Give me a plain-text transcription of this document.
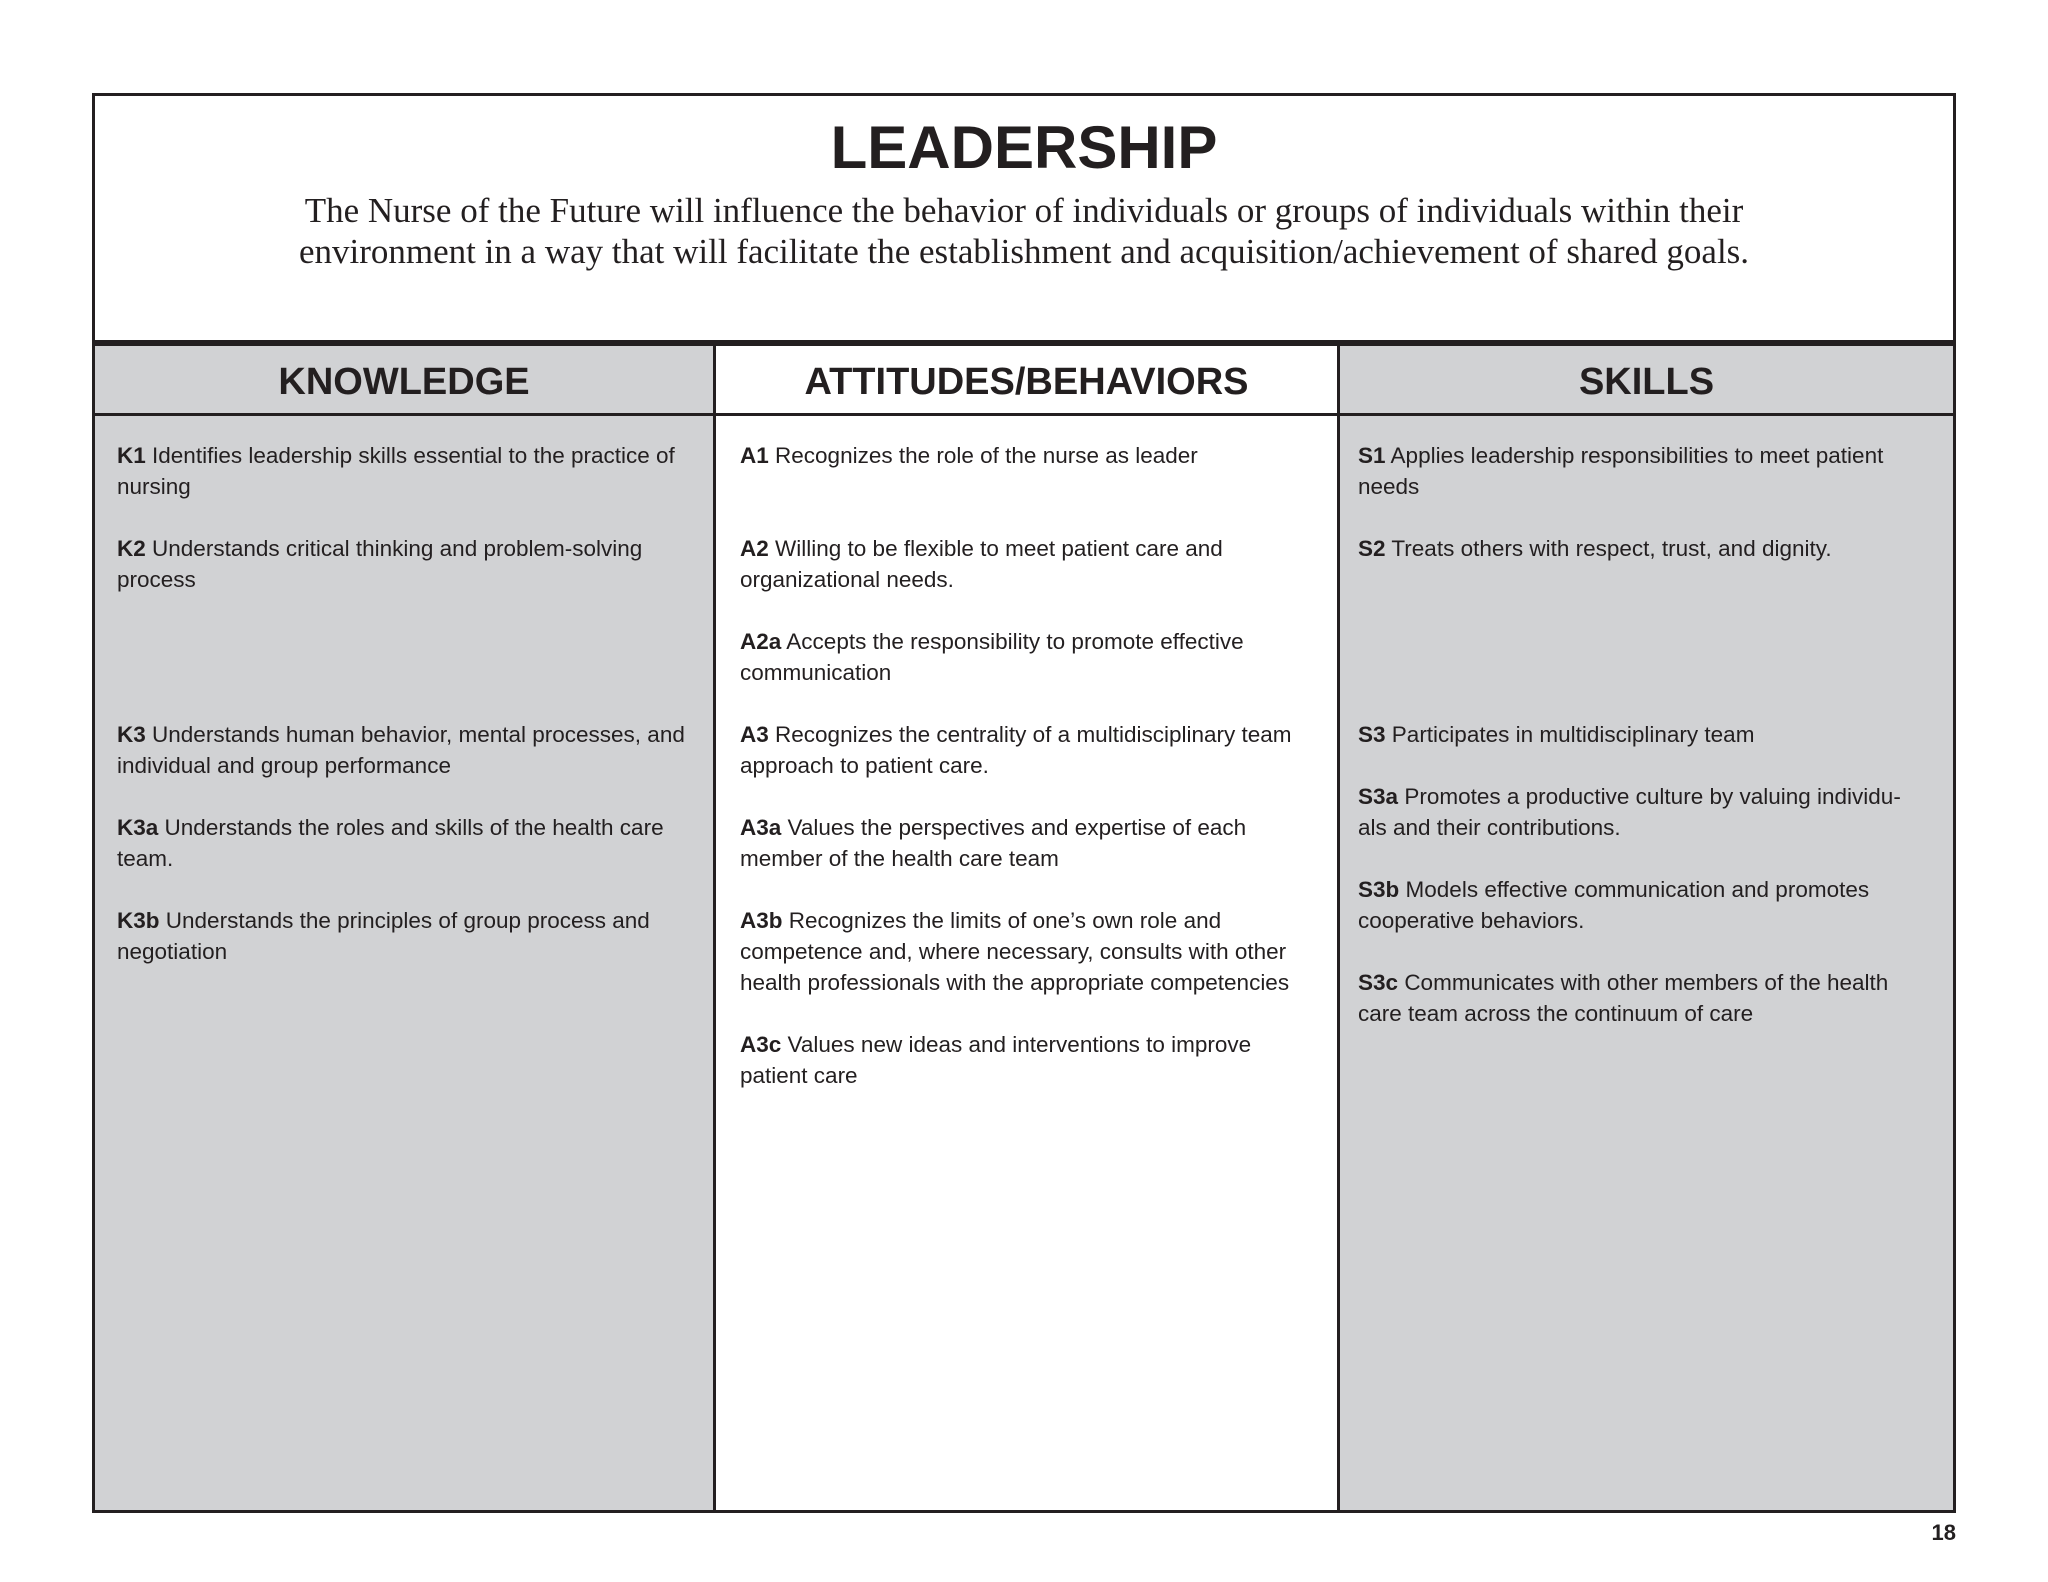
LEADERSHIP
The Nurse of the Future will influence the behavior of individuals or groups of individuals within their environment in a way that will facilitate the establishment and acquisition/achievement of shared goals.
KNOWLEDGE
K1 Identifies leadership skills essential to the practice of nursing
K2 Understands critical thinking and problem-solving process
K3 Understands human behavior, mental processes, and individual and group performance
K3a Understands the roles and skills of the health care team.
K3b Understands the principles of group process and negotiation
ATTITUDES/BEHAVIORS
A1 Recognizes the role of the nurse as leader
A2 Willing to be flexible to meet patient care and organizational needs.
A2a Accepts the responsibility to promote effective communication
A3 Recognizes the centrality of a multidisciplinary team approach to patient care.
A3a Values the perspectives and expertise of each member of the health care team
A3b Recognizes the limits of one’s own role and competence and, where necessary, consults with other health professionals with the appropriate competencies
A3c Values new ideas and interventions to improve patient care
SKILLS
S1 Applies leadership responsibilities to meet patient needs
S2 Treats others with respect, trust, and dignity.
S3 Participates in multidisciplinary team
S3a Promotes a productive culture by valuing individu-als and their contributions.
S3b Models effective communication and promotes cooperative behaviors.
S3c Communicates with other members of the health care team across the continuum of care
18
